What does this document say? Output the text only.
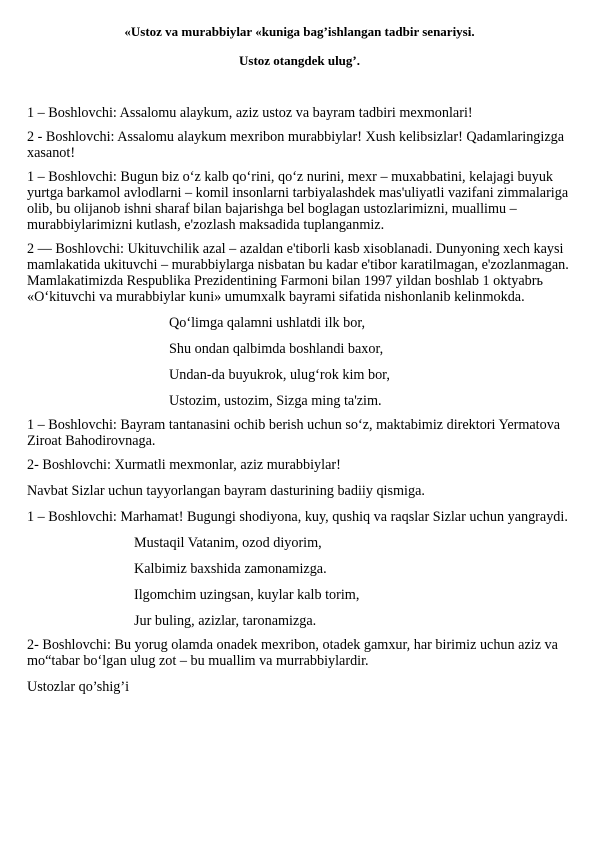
«Ustoz va murabbiylar «kuniga bag’ishlangan tadbir senariysi.

Ustoz otangdek ulug’.

1 – Boshlovchi: Assalomu alaykum, aziz ustoz va bayram tadbiri mexmonlari!

2 - Boshlovchi: Assalomu alaykum mexribon murabbiylar! Xush kelibsizlar! Qadamlaringizga xasanot!

1 – Boshlovchi: Bugun biz o‘z kalb qo‘rini, qo‘z nurini, mexr – muxabbatini, kelajagi buyuk yurtga barkamol avlodlarni – komil insonlarni tarbiyalashdek mas'uliyatli vazifani zimmalariga olib, bu olijanob ishni sharaf bilan bajarishga bel boglagan ustozlarimizni, muallimu – murabbiylarimizni kutlash, e'zozlash maksadida tuplanganmiz.

2 — Boshlovchi: Ukituvchilik azal – azaldan e'tiborli kasb xisoblanadi. Dunyoning xech kaysi mamlakatida ukituvchi – murabbiylarga nisbatan bu kadar e'tibor karatilmagan, e'zozlanmagan. Mamlakatimizda Respublika Prezidentining Farmoni bilan 1997 yildan boshlab 1 oktyabrь «O‘kituvchi va murabbiylar kuni» umumxalk bayrami sifatida nishonlanib kelinmokda.

Qo‘limga qalamni ushlatdi ilk bor,

Shu ondan qalbimda boshlandi baxor,

Undan-da buyukrok, ulug‘rok kim bor,

Ustozim, ustozim, Sizga ming ta'zim.

1 – Boshlovchi: Bayram tantanasini ochib berish uchun so‘z, maktabimiz direktori Yermatova Ziroat Bahodirovnaga.

2- Boshlovchi: Xurmatli mexmonlar, aziz murabbiylar!

Navbat Sizlar uchun tayyorlangan bayram dasturining badiiy qismiga.

1 – Boshlovchi: Marhamat! Bugungi shodiyona, kuy, qushiq va raqslar Sizlar uchun yangraydi.

Mustaqil Vatanim, ozod diyorim,

Kalbimiz baxshida zamonamizga.

Ilgomchim uzingsan, kuylar kalb torim,

Jur buling, azizlar, taronamizga.

2- Boshlovchi: Bu yorug olamda onadek mexribon, otadek gamxur, har birimiz uchun aziz va mo“tabar bo‘lgan ulug zot – bu muallim va murrabbiylardir.

Ustozlar qo’shig’i
